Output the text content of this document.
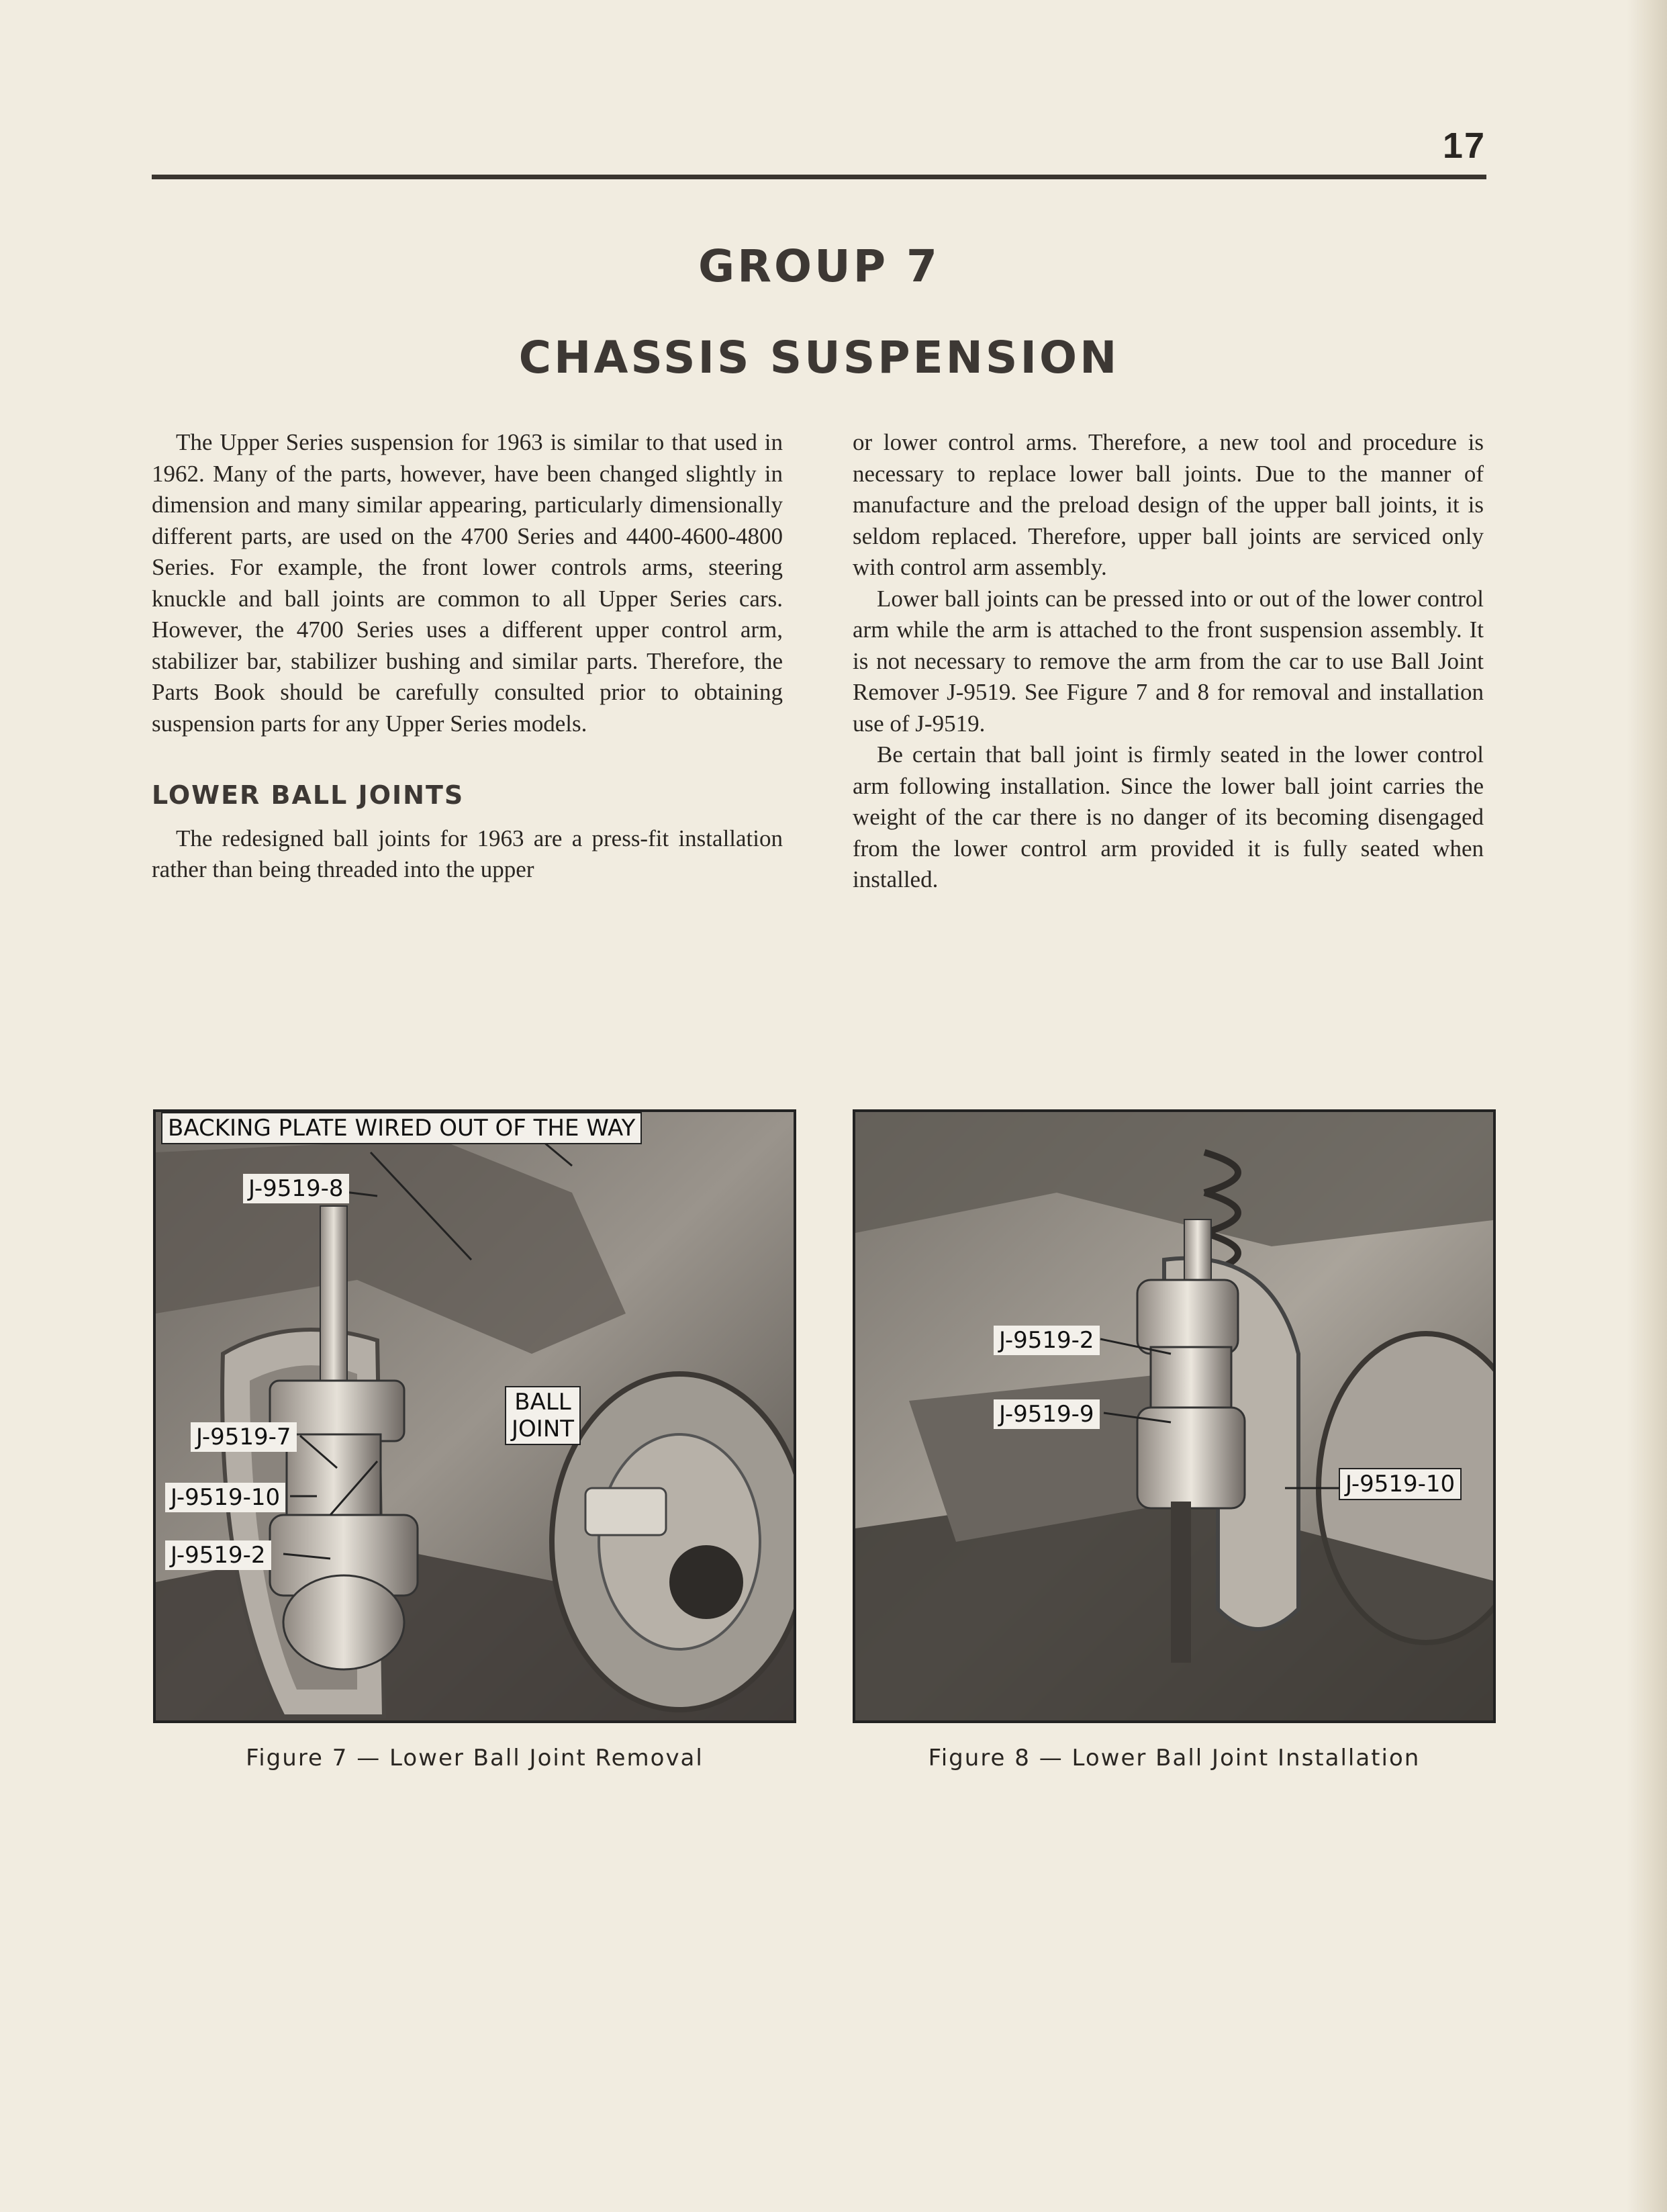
17
GROUP 7
CHASSIS SUSPENSION

The Upper Series suspension for 1963 is similar to that used in 1962. Many of the parts, however, have been changed slightly in dimension and many similar appearing, particularly dimensionally different parts, are used on the 4700 Series and 4400-4600-4800 Series. For example, the front lower controls arms, steering knuckle and ball joints are common to all Upper Series cars. However, the 4700 Series uses a different upper control arm, stabilizer bar, stabilizer bushing and similar parts. Therefore, the Parts Book should be carefully consulted prior to obtaining suspension parts for any Upper Series models.

LOWER BALL JOINTS

The redesigned ball joints for 1963 are a press-fit installation rather than being threaded into the upper

or lower control arms. Therefore, a new tool and procedure is necessary to replace lower ball joints. Due to the manner of manufacture and the preload design of the upper ball joints, it is seldom replaced. Therefore, upper ball joints are serviced only with control arm assembly.

Lower ball joints can be pressed into or out of the lower control arm while the arm is attached to the front suspension assembly. It is not necessary to remove the arm from the car to use Ball Joint Remover J-9519. See Figure 7 and 8 for removal and installation use of J-9519.

Be certain that ball joint is firmly seated in the lower control arm following installation. Since the lower ball joint carries the weight of the car there is no danger of its becoming disengaged from the lower control arm provided it is fully seated when installed.

BACKING PLATE WIRED OUT OF THE WAY
J-9519-8
J-9519-7
J-9519-10
J-9519-2
BALL
JOINT
Figure 7 — Lower Ball Joint Removal
J-9519-2
J-9519-9
J-9519-10
Figure 8 — Lower Ball Joint Installation
